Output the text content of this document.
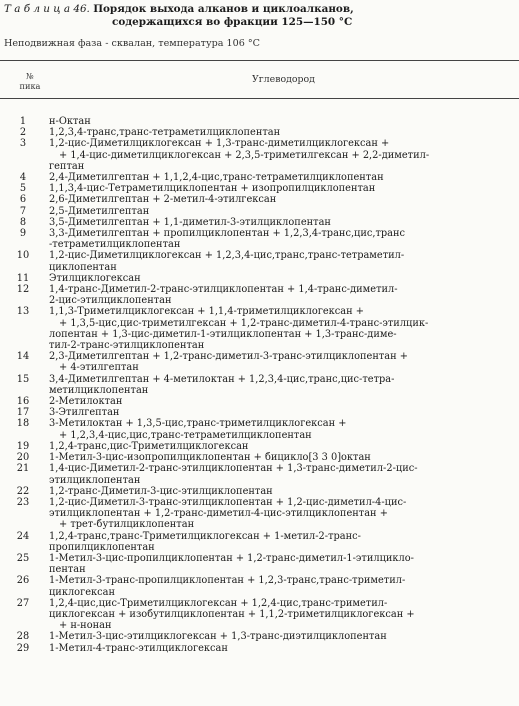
Т а б л и ц а 46. Порядок выхода алканов и циклоалканов,
содержащихся во фракции 125—150 °С
Неподвижная фаза - сквалан, температура 106 °С
№
пика
Углеводород
1	н-Октан
2	1,2,3,4-транс,транс-тетраметилциклопентан
3	1,2-цис-Диметилциклогексан + 1,3-транс-диметилциклогексан +
+ 1,4-цис-диметилциклогексан + 2,3,5-триметилгексан + 2,2-диметил-
гептан
4	2,4-Диметилгептан + 1,1,2,4-цис,транс-тетраметилциклопентан
5	1,1,3,4-цис-Тетраметилциклопентан + изопропилциклопентан
6	2,6-Диметилгептан + 2-метил-4-этилгексан
7	2,5-Диметилгептан
8	3,5-Диметилгептан + 1,1-диметил-3-этилциклопентан
9	3,3-Диметилгептан + пропилциклопентан + 1,2,3,4-транс,цис,транс
-тетраметилциклопентан
10	1,2-цис-Диметилциклогексан + 1,2,3,4-цис,транс,транс-тетраметил-
циклопентан
11	Этилциклогексан
12	1,4-транс-Диметил-2-транс-этилциклопентан + 1,4-транс-диметил-
2-цис-этилциклопентан
13	1,1,3-Триметилциклогексан + 1,1,4-триметилциклогексан +
+ 1,3,5-цис,цис-триметилгексан + 1,2-транс-диметил-4-транс-этилцик-
лопентан + 1,3-цис-диметил-1-этилциклопентан + 1,3-транс-диме-
тил-2-транс-этилциклопентан
14	2,3-Диметилгептан + 1,2-транс-диметил-3-транс-этилциклопентан +
+ 4-этилгептан
15	3,4-Диметилгептан + 4-метилоктан + 1,2,3,4-цис,транс,цис-тетра-
метилциклопентан
16	2-Метилоктан
17	3-Этилгептан
18	3-Метилоктан + 1,3,5-цис,транс-триметилциклогексан +
+ 1,2,3,4-цис,цис,транс-тетраметилциклопентан
19	1,2,4-транс,цис-Триметилциклогексан
20	1-Метил-3-цис-изопропилциклопентан + бицикло[3 3 0]октан
21	1,4-цис-Диметил-2-транс-этилциклопентан + 1,3-транс-диметил-2-цис-
этилциклопентан
22	1,2-транс-Диметил-3-цис-этилциклопентан
23	1,2-цис-Диметил-3-транс-этилциклопентан + 1,2-цис-диметил-4-цис-
этилциклопентан + 1,2-транс-диметил-4-цис-этилциклопентан +
+ трет-бутилциклопентан
24	1,2,4-транс,транс-Триметилциклогексан + 1-метил-2-транс-
пропилциклопентан
25	1-Метил-3-цис-пропилциклопентан + 1,2-транс-диметил-1-этилцикло-
пентан
26	1-Метил-3-транс-пропилциклопентан + 1,2,3-транс,транс-триметил-
циклогексан
27	1,2,4-цис,цис-Триметилциклогексан + 1,2,4-цис,транс-триметил-
циклогексан + изобутилциклопентан + 1,1,2-триметилциклогексан +
+ н-нонан
28	1-Метил-3-цис-этилциклогексан + 1,3-транс-диэтилциклопентан
29	1-Метил-4-транс-этилциклогексан
